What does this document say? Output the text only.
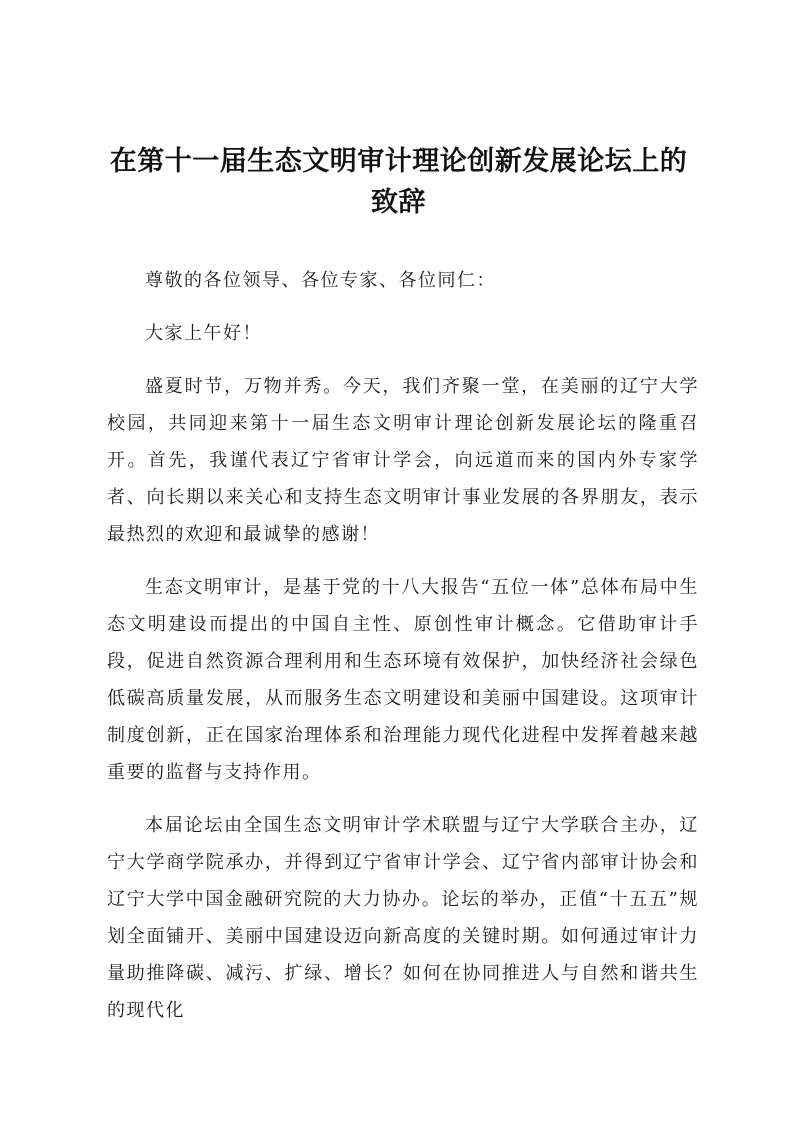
在第十一届生态文明审计理论创新发展论坛上的致辞

尊敬的各位领导、各位专家、各位同仁：

大家上午好！

盛夏时节，万物并秀。今天，我们齐聚一堂，在美丽的辽宁大学校园，共同迎来第十一届生态文明审计理论创新发展论坛的隆重召开。首先，我谨代表辽宁省审计学会，向远道而来的国内外专家学者、向长期以来关心和支持生态文明审计事业发展的各界朋友，表示最热烈的欢迎和最诚挚的感谢！

生态文明审计，是基于党的十八大报告“五位一体”总体布局中生态文明建设而提出的中国自主性、原创性审计概念。它借助审计手段，促进自然资源合理利用和生态环境有效保护，加快经济社会绿色低碳高质量发展，从而服务生态文明建设和美丽中国建设。这项审计制度创新，正在国家治理体系和治理能力现代化进程中发挥着越来越重要的监督与支持作用。

本届论坛由全国生态文明审计学术联盟与辽宁大学联合主办，辽宁大学商学院承办，并得到辽宁省审计学会、辽宁省内部审计协会和辽宁大学中国金融研究院的大力协办。论坛的举办，正值“十五五”规划全面铺开、美丽中国建设迈向新高度的关键时期。如何通过审计力量助推降碳、减污、扩绿、增长？如何在协同推进人与自然和谐共生的现代化
